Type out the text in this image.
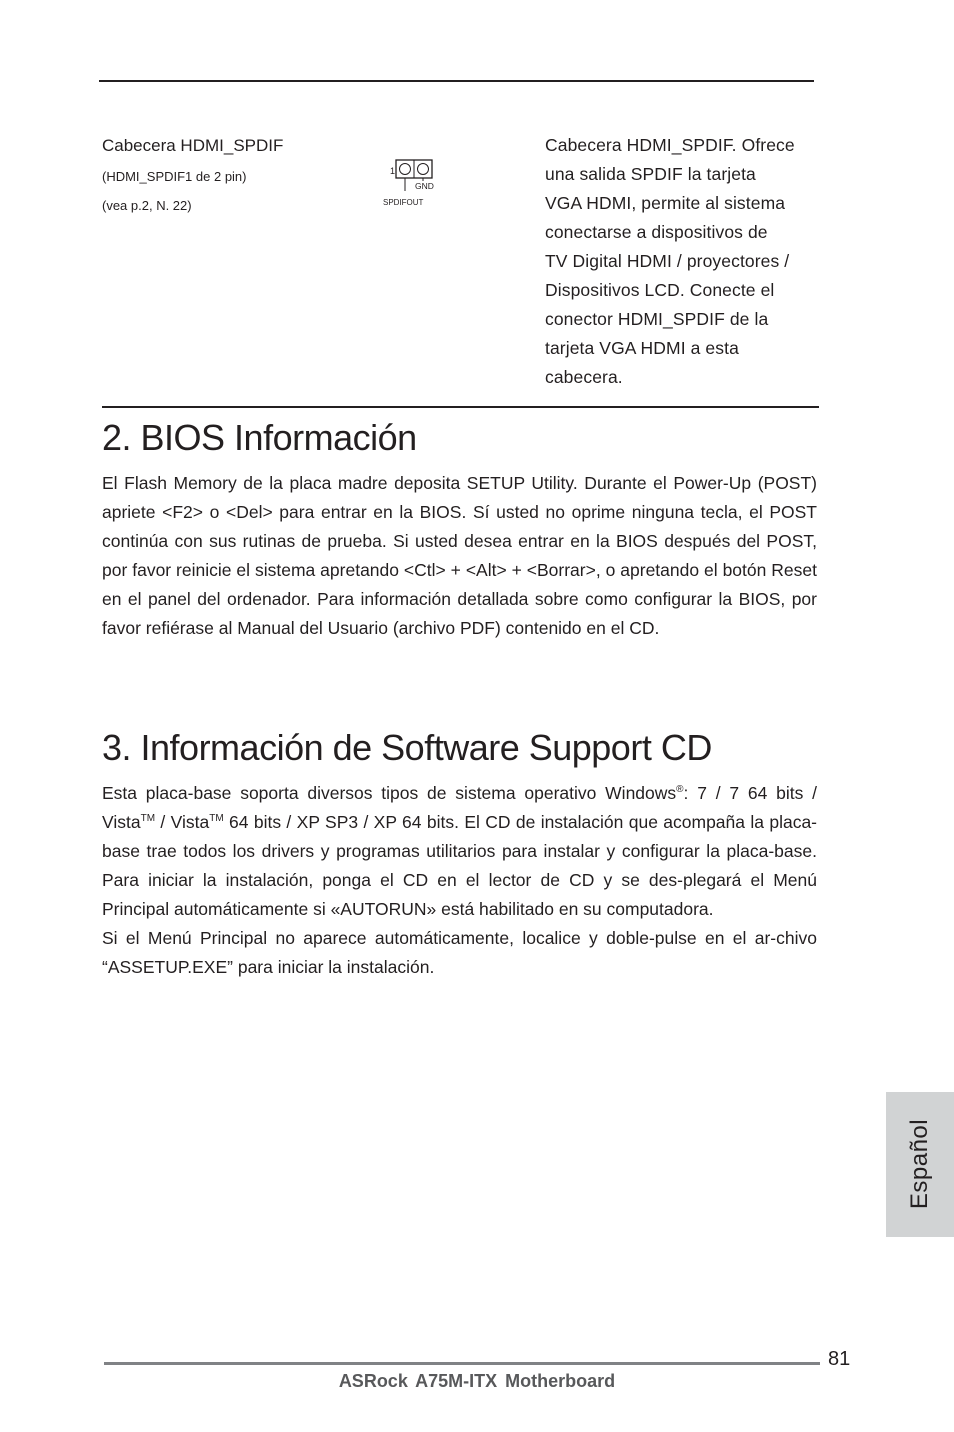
Cabecera HDMI_SPDIF
(HDMI_SPDIF1 de 2 pin)
(vea p.2, N. 22)
1
GND
SPDIFOUT
Cabecera HDMI_SPDIF. Ofrece
una salida SPDIF la tarjeta
VGA HDMI, permite al sistema
conectarse a dispositivos de
TV Digital HDMI / proyectores /
Dispositivos LCD. Conecte el
conector HDMI_SPDIF de la
tarjeta VGA HDMI a esta
cabecera.
2. BIOS Información

El Flash Memory de la placa madre deposita SETUP Utility. Durante el Power-Up (POST) apriete <F2> o <Del> para entrar en la BIOS. Sí usted no oprime ninguna tecla, el POST continúa con sus rutinas de prueba. Si usted desea entrar en la BIOS después del POST, por favor reinicie el sistema apretando <Ctl> + <Alt> + <Borrar>, o apretando el botón Reset en el panel del ordenador. Para información detallada sobre como configurar la BIOS, por favor refiérase al Manual del Usuario (archivo PDF) contenido en el CD.

3. Información de Software Support CD

Esta placa-base soporta diversos tipos de sistema operativo Windows®: 7 / 7 64 bits / Vista™ / Vista™ 64 bits / XP SP3 / XP 64 bits. El CD de instalación que acompaña la placa-base trae todos los drivers y programas utilitarios para instalar y configurar la placa-base. Para iniciar la instalación, ponga el CD en el lector de CD y se des-plegará el Menú Principal automáticamente si «AUTORUN» está habilitado en su computadora.
Si el Menú Principal no aparece automáticamente, localice y doble-pulse en el ar-chivo “ASSETUP.EXE” para iniciar la instalación.

Español
81
ASRock A75M-ITX Motherboard
